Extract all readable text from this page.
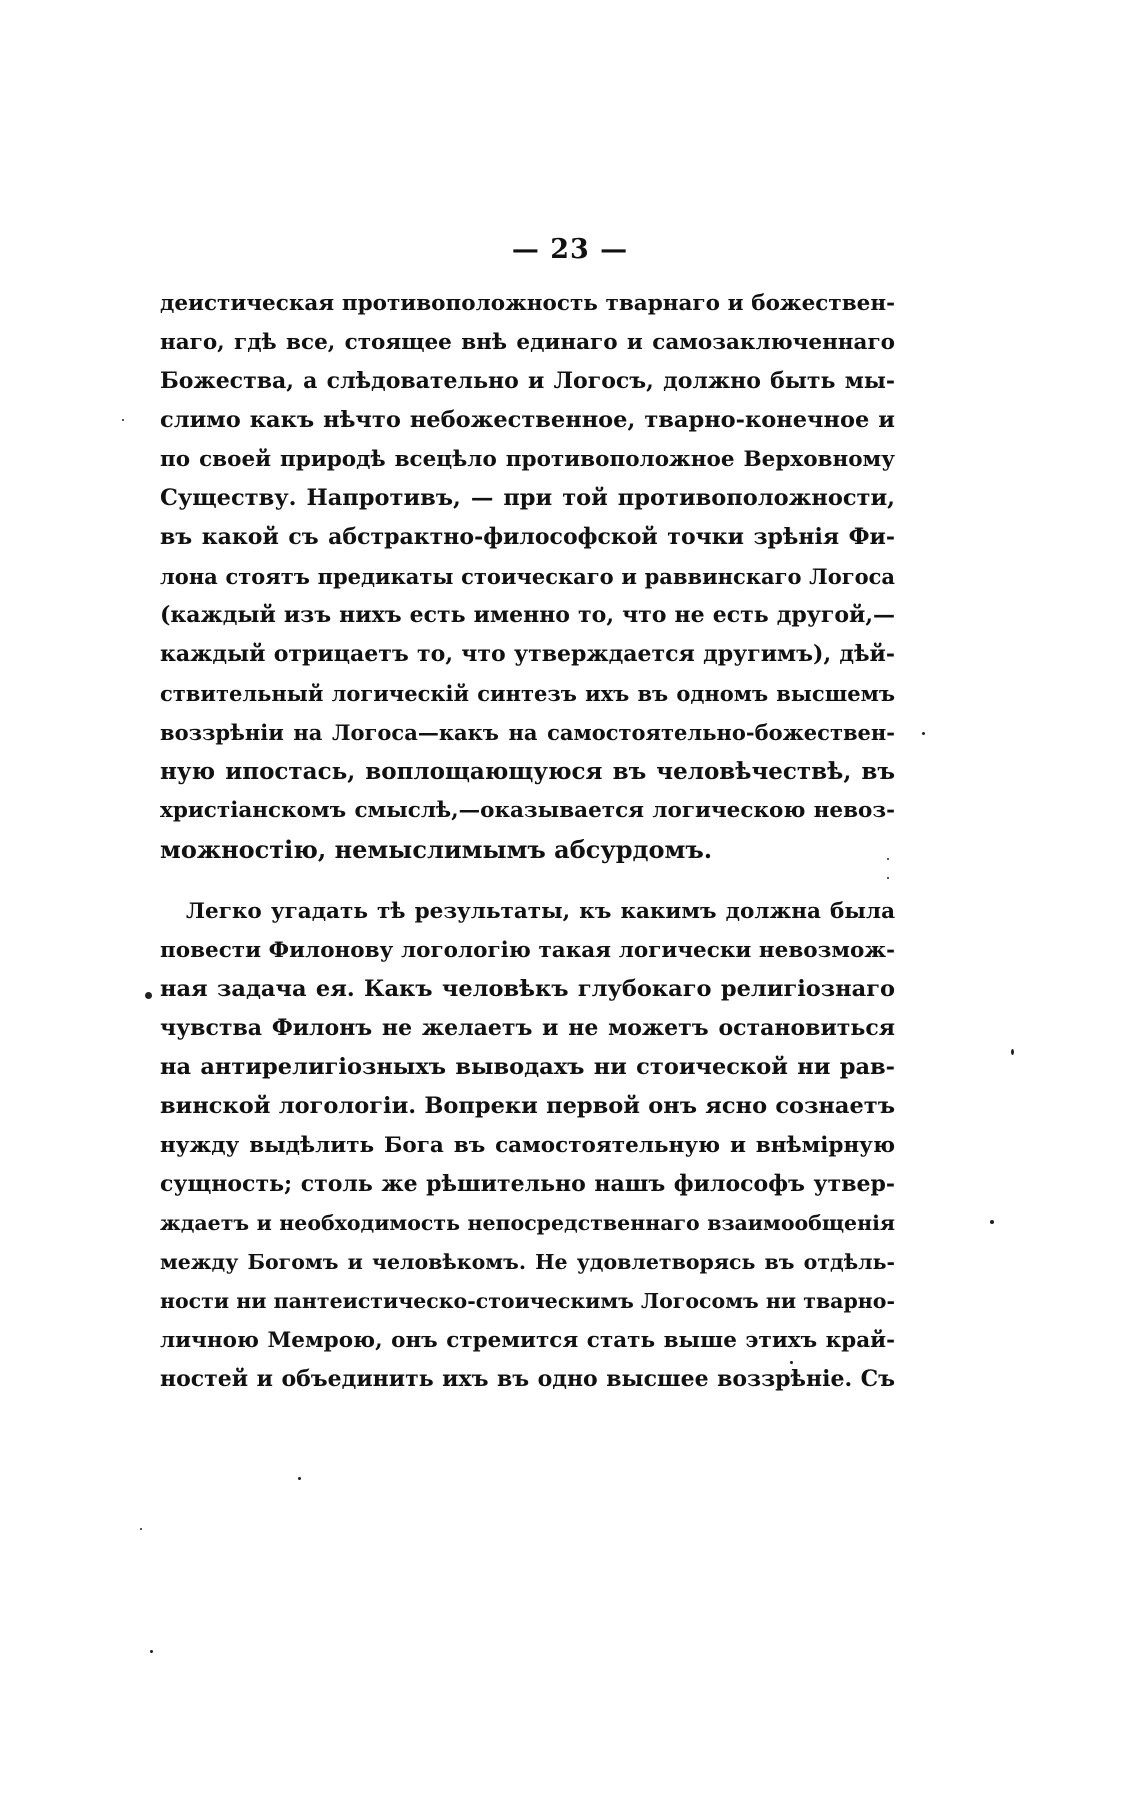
— 23 —

деистическая противоположность тварнаго и божествен-
наго, гдѣ все, стоящее внѣ единаго и самозаключеннаго
Божества, а слѣдовательно и Логосъ, должно быть мы-
слимо какъ нѣчто небожественное, тварно-конечное и
по своей природѣ всецѣло противоположное Верховному
Существу. Напротивъ, — при той противоположности,
въ какой съ абстрактно-философской точки зрѣнія Фи-
лона стоятъ предикаты стоическаго и раввинскаго Логоса
(каждый изъ нихъ есть именно то, что не есть другой,—
каждый отрицаетъ то, что утверждается другимъ), дѣй-
ствительный логическій синтезъ ихъ въ одномъ высшемъ
воззрѣніи на Логоса—какъ на самостоятельно-божествен-
ную ипостась, воплощающуюся въ человѣчествѣ, въ
христіанскомъ смыслѣ,—оказывается логическою невоз-
можностію, немыслимымъ абсурдомъ.
Легко угадать тѣ результаты, къ какимъ должна была
повести Филонову логологію такая логически невозмож-
ная задача ея. Какъ человѣкъ глубокаго религіознаго
чувства Филонъ не желаетъ и не можетъ остановиться
на антирелигіозныхъ выводахъ ни стоической ни рав-
винской логологіи. Вопреки первой онъ ясно сознаетъ
нужду выдѣлить Бога въ самостоятельную и внѣмірную
сущность; столь же рѣшительно нашъ философъ утвер-
ждаетъ и необходимость непосредственнаго взаимообщенія
между Богомъ и человѣкомъ. Не удовлетворясь въ отдѣль-
ности ни пантеистическо-стоическимъ Логосомъ ни тварно-
личною Мемрою, онъ стремится стать выше этихъ край-
ностей и объединить ихъ въ одно высшее воззрѣніе. Съ
